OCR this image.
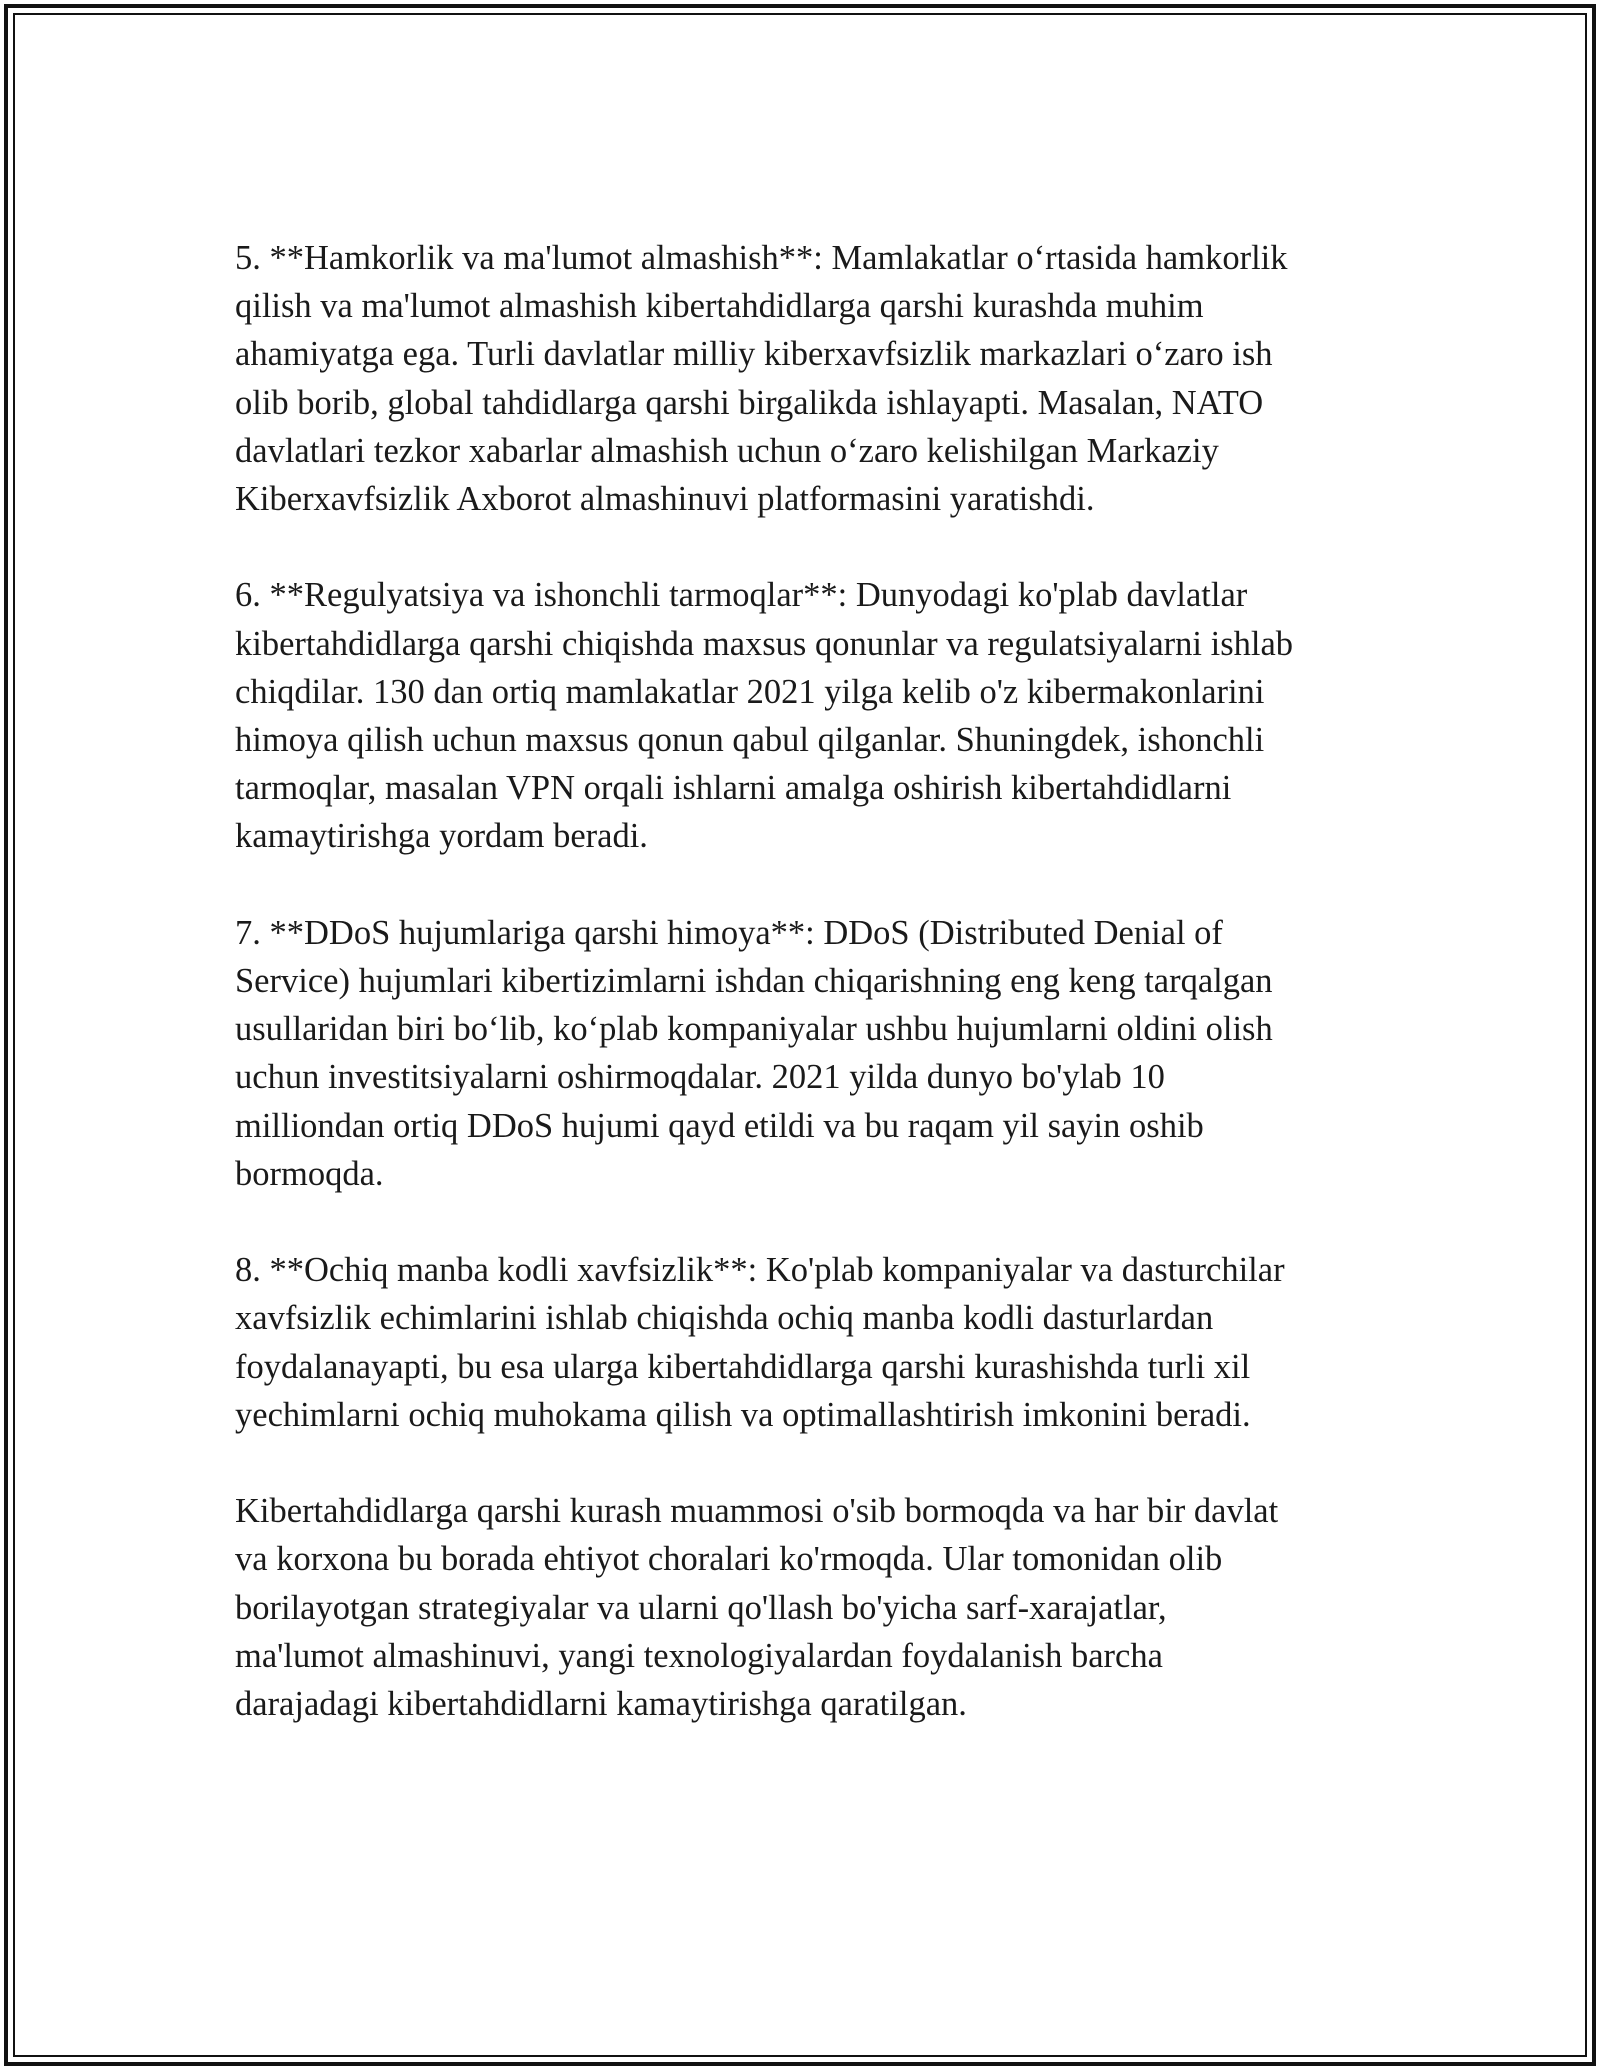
5. **Hamkorlik va ma'lumot almashish**: Mamlakatlar o‘rtasida hamkorlik
qilish va ma'lumot almashish kibertahdidlarga qarshi kurashda muhim
ahamiyatga ega. Turli davlatlar milliy kiberxavfsizlik markazlari o‘zaro ish
olib borib, global tahdidlarga qarshi birgalikda ishlayapti. Masalan, NATO
davlatlari tezkor xabarlar almashish uchun o‘zaro kelishilgan Markaziy
Kiberxavfsizlik Axborot almashinuvi platformasini yaratishdi.

6. **Regulyatsiya va ishonchli tarmoqlar**: Dunyodagi ko'plab davlatlar
kibertahdidlarga qarshi chiqishda maxsus qonunlar va regulatsiyalarni ishlab
chiqdilar. 130 dan ortiq mamlakatlar 2021 yilga kelib o'z kibermakonlarini
himoya qilish uchun maxsus qonun qabul qilganlar. Shuningdek, ishonchli
tarmoqlar, masalan VPN orqali ishlarni amalga oshirish kibertahdidlarni
kamaytirishga yordam beradi.

7. **DDoS hujumlariga qarshi himoya**: DDoS (Distributed Denial of
Service) hujumlari kibertizimlarni ishdan chiqarishning eng keng tarqalgan
usullaridan biri bo‘lib, ko‘plab kompaniyalar ushbu hujumlarni oldini olish
uchun investitsiyalarni oshirmoqdalar. 2021 yilda dunyo bo'ylab 10
milliondan ortiq DDoS hujumi qayd etildi va bu raqam yil sayin oshib
bormoqda.

8. **Ochiq manba kodli xavfsizlik**: Ko'plab kompaniyalar va dasturchilar
xavfsizlik echimlarini ishlab chiqishda ochiq manba kodli dasturlardan
foydalanayapti, bu esa ularga kibertahdidlarga qarshi kurashishda turli xil
yechimlarni ochiq muhokama qilish va optimallashtirish imkonini beradi.

Kibertahdidlarga qarshi kurash muammosi o'sib bormoqda va har bir davlat
va korxona bu borada ehtiyot choralari ko'rmoqda. Ular tomonidan olib
borilayotgan strategiyalar va ularni qo'llash bo'yicha sarf-xarajatlar,
ma'lumot almashinuvi, yangi texnologiyalardan foydalanish barcha
darajadagi kibertahdidlarni kamaytirishga qaratilgan.
